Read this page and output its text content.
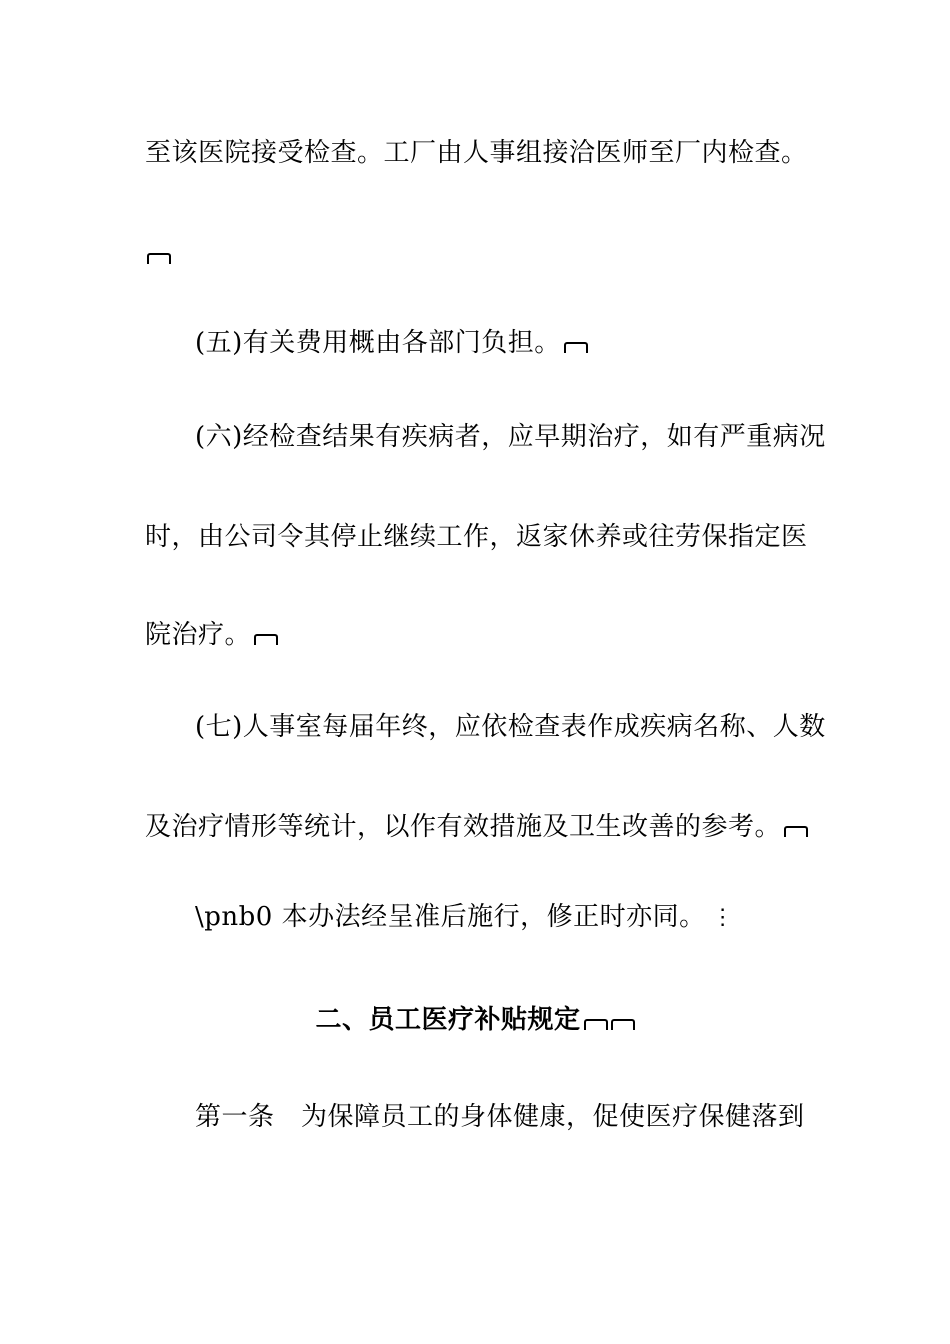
至该医院接受检查。工厂由人事组接洽医师至厂内检查。
(五)有关费用概由各部门负担。
(六)经检查结果有疾病者，应早期治疗，如有严重病况
时，由公司令其停止继续工作，返家休养或往劳保指定医
院治疗。
(七)人事室每届年终，应依检查表作成疾病名称、人数
及治疗情形等统计，以作有效措施及卫生改善的参考。
\pnb0 本办法经呈准后施行，修正时亦同。 ⋮
二、员工医疗补贴规定
第一条　为保障员工的身体健康，促使医疗保健落到
